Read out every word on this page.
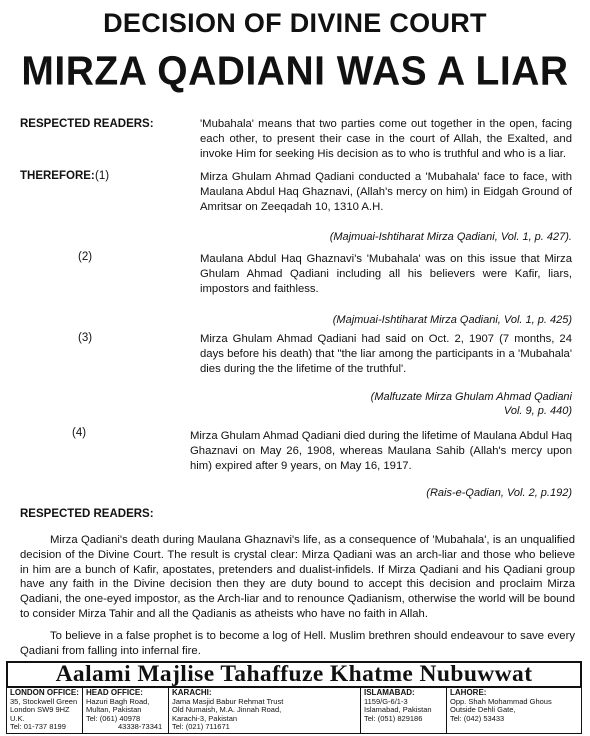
DECISION OF DIVINE COURT
MIRZA QADIANI WAS A LIAR
RESPECTED READERS:	'Mubahala' means that two parties come out together in the open, facing each other, to present their case in the court of Allah, the Exalted, and invoke Him for seeking His decision as to who is truthful and who is a liar.
THEREFORE: (1)	Mirza Ghulam Ahmad Qadiani conducted a 'Mubahala' face to face, with Maulana Abdul Haq Ghaznavi, (Allah's mercy on him) in Eidgah Ground of Amritsar on Zeeqadah 10, 1310 A.H.
(Majmuai-Ishtiharat Mirza Qadiani, Vol. 1, p. 427).
(2)	Maulana Abdul Haq Ghaznavi's 'Mubahala' was on this issue that Mirza Ghulam Ahmad Qadiani including all his believers were Kafir, liars, impostors and faithless.
(Majmuai-Ishtiharat Mirza Qadiani, Vol. 1, p. 425)
(3)	Mirza Ghulam Ahmad Qadiani had said on Oct. 2, 1907 (7 months, 24 days before his death) that "the liar among the participants in a 'Mubahala' dies during the the lifetime of the truthful'.
(Malfuzate Mirza Ghulam Ahmad Qadiani Vol. 9, p. 440)
(4)	Mirza Ghulam Ahmad Qadiani died during the lifetime of Maulana Abdul Haq Ghaznavi on May 26, 1908, whereas Maulana Sahib (Allah's mercy upon him) expired after 9 years, on May 16, 1917.
(Rais-e-Qadian, Vol. 2, p.192)
RESPECTED READERS:
Mirza Qadiani's death during Maulana Ghaznavi's life, as a consequence of 'Mubahala', is an unqualified decision of the Divine Court. The result is crystal clear: Mirza Qadiani was an arch-liar and those who believe in him are a bunch of Kafir, apostates, pretenders and dualist-infidels. If Mirza Qadiani and his Qadiani group have any faith in the Divine decision then they are duty bound to accept this decision and proclaim Mirza Qadiani, the one-eyed impostor, as the Arch-liar and to renounce Qadianism, otherwise the world will be bound to consider Mirza Tahir and all the Qadianis as atheists who have no faith in Allah.
To believe in a false prophet is to become a log of Hell. Muslim brethren should endeavour to save every Qadiani from falling into infernal fire.
Aalami Majlise Tahaffuze Khatme Nubuwwat
LONDON OFFICE:
35, Stockwell Green
London SW9 9HZ U.K.
Tel: 01-737 8199
HEAD OFFICE:
Hazuri Bagh Road,
Multan, Pakistan
Tel: (061) 40978
43338-73341
KARACHI:
Jama Masjid Babur Rehmat Trust
Old Numaish, M.A. Jinnah Road,
Karachi-3, Pakistan
Tel: (021) 711671
ISLAMABAD:
1159/G-6/1-3
Islamabad, Pakistan
Tel: (051) 829186
LAHORE:
Opp. Shah Mohammad Ghous
Outside Dehli Gate,
Tel: (042) 53433
